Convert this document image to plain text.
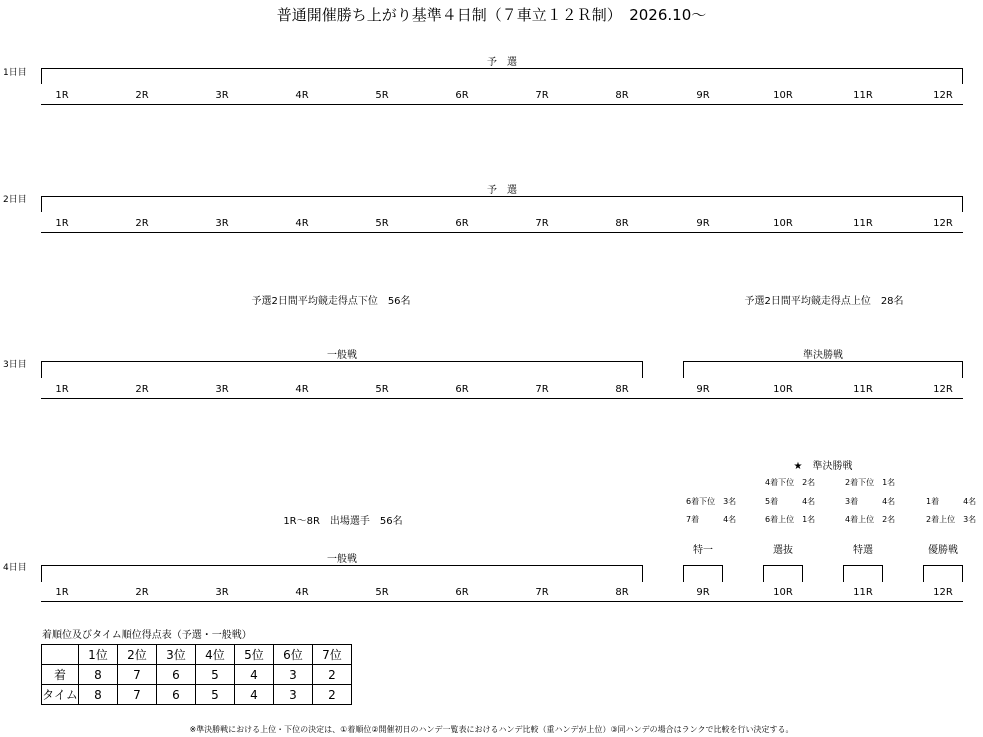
普通開催勝ち上がり基準４日制（７車立１２Ｒ制）　2026.10～
1日目
1R	2R	3R	4R	5R	6R	7R	8R	9R	10R	11R	12R
2日目
1R	2R	3R	4R	5R	6R	7R	8R	9R	10R	11R	12R
3日目
1R	2R	3R	4R	5R	6R	7R	8R	9R	10R	11R	12R
4日目
1R	2R	3R	4R	5R	6R	7R	8R	9R	10R	11R	12R
予　選
予　選
予選2日間平均競走得点下位　56名	予選2日間平均競走得点上位　28名
一般戦	準決勝戦
1R～8R　出場選手　56名
一般戦
★　準決勝戦
4着下位　2名	2着下位　1名
6着下位　3名	5着　　　4名	3着　　　4名	1着　　　4名
7着　　　4名	6着上位　1名	4着上位　2名	2着上位　3名
特一	選抜	特選	優勝戦
着順位及びタイム順位得点表（予選・一般戦）
	1位	2位	3位	4位	5位	6位	7位
着	8	7	6	5	4	3	2
タイム	8	7	6	5	4	3	2
※準決勝戦における上位・下位の決定は、①着順位②開催初日のハンデ一覧表におけるハンデ比較（重ハンデが上位）③同ハンデの場合はランクで比較を行い決定する。
